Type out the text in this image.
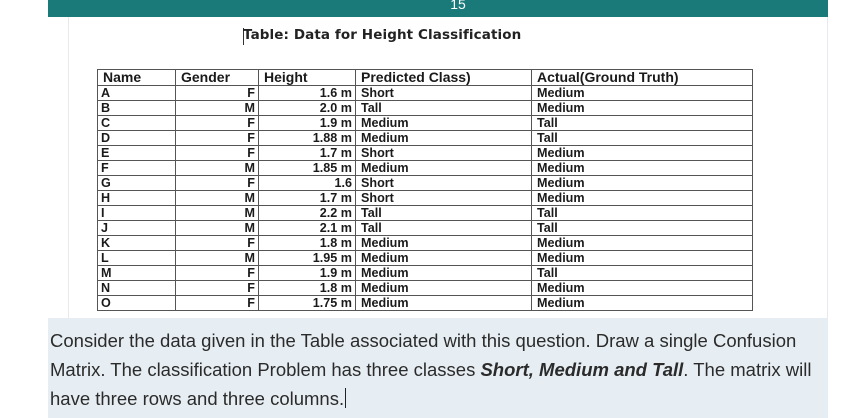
15
Table: Data for Height Classification
Name	Gender	Height	Predicted Class)	Actual(Ground Truth)
A	F	1.6 m	Short	Medium
B	M	2.0 m	Tall	Medium
C	F	1.9 m	Medium	Tall
D	F	1.88 m	Medium	Tall
E	F	1.7 m	Short	Medium
F	M	1.85 m	Medium	Medium
G	F	1.6	Short	Medium
H	M	1.7 m	Short	Medium
I	M	2.2 m	Tall	Tall
J	M	2.1 m	Tall	Tall
K	F	1.8 m	Medium	Medium
L	M	1.95 m	Medium	Medium
M	F	1.9 m	Medium	Tall
N	F	1.8 m	Medium	Medium
O	F	1.75 m	Medium	Medium

Consider the data given in the Table associated with this question. Draw a single Confusion Matrix. The classification Problem has three classes Short, Medium and Tall. The matrix will have three rows and three columns.
